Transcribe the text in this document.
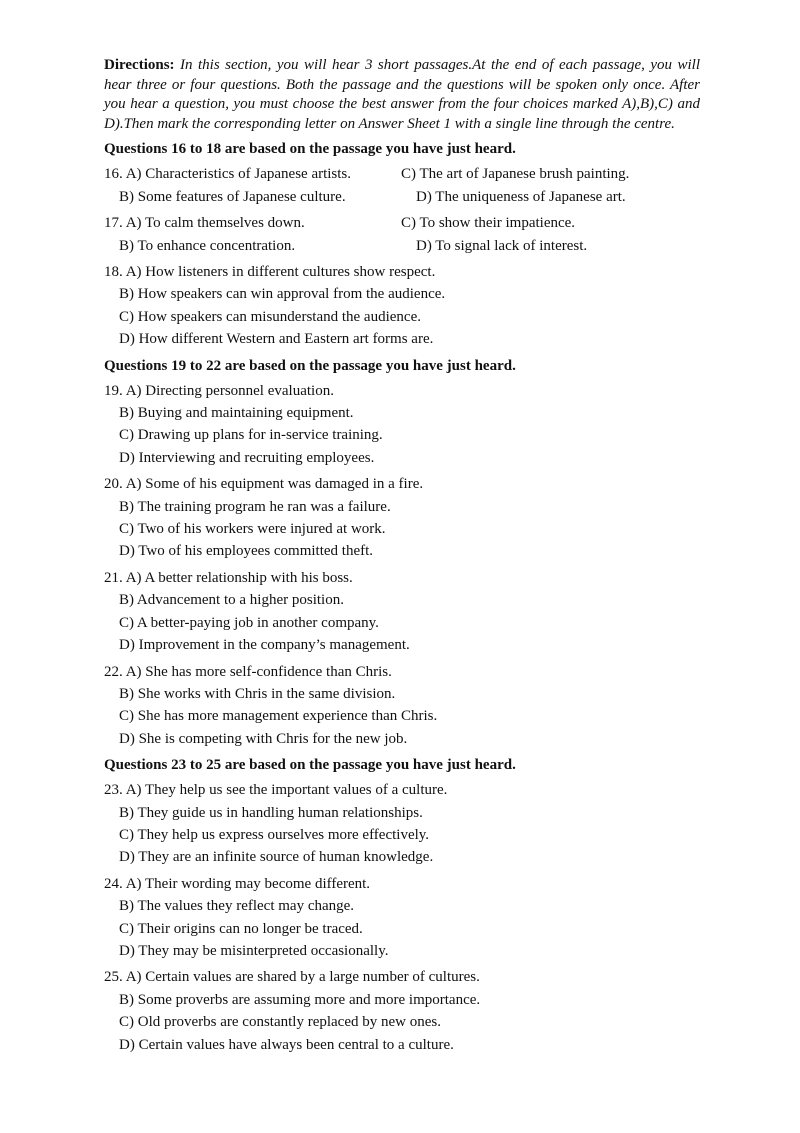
Directions: In this section, you will hear 3 short passages.At the end of each passage, you will hear three or four questions. Both the passage and the questions will be spoken only once. After you hear a question, you must choose the best answer from the four choices marked A),B),C) and D).Then mark the corresponding letter on Answer Sheet 1 with a single line through the centre.

Questions 16 to 18 are based on the passage you have just heard.
16. A) Characteristics of Japanese artists.	C) The art of Japanese brush painting.
B) Some features of Japanese culture.	D) The uniqueness of Japanese art.
17. A) To calm themselves down.	C) To show their impatience.
B) To enhance concentration.	D) To signal lack of interest.
18. A) How listeners in different cultures show respect.
B) How speakers can win approval from the audience.
C) How speakers can misunderstand the audience.
D) How different Western and Eastern art forms are.
Questions 19 to 22 are based on the passage you have just heard.
19. A) Directing personnel evaluation.
B) Buying and maintaining equipment.
C) Drawing up plans for in-service training.
D) Interviewing and recruiting employees.
20. A) Some of his equipment was damaged in a fire.
B) The training program he ran was a failure.
C) Two of his workers were injured at work.
D) Two of his employees committed theft.
21. A) A better relationship with his boss.
B) Advancement to a higher position.
C) A better-paying job in another company.
D) Improvement in the company’s management.
22. A) She has more self-confidence than Chris.
B) She works with Chris in the same division.
C) She has more management experience than Chris.
D) She is competing with Chris for the new job.
Questions 23 to 25 are based on the passage you have just heard.
23. A) They help us see the important values of a culture.
B) They guide us in handling human relationships.
C) They help us express ourselves more effectively.
D) They are an infinite source of human knowledge.
24. A) Their wording may become different.
B) The values they reflect may change.
C) Their origins can no longer be traced.
D) They may be misinterpreted occasionally.
25. A) Certain values are shared by a large number of cultures.
B) Some proverbs are assuming more and more importance.
C) Old proverbs are constantly replaced by new ones.
D) Certain values have always been central to a culture.
